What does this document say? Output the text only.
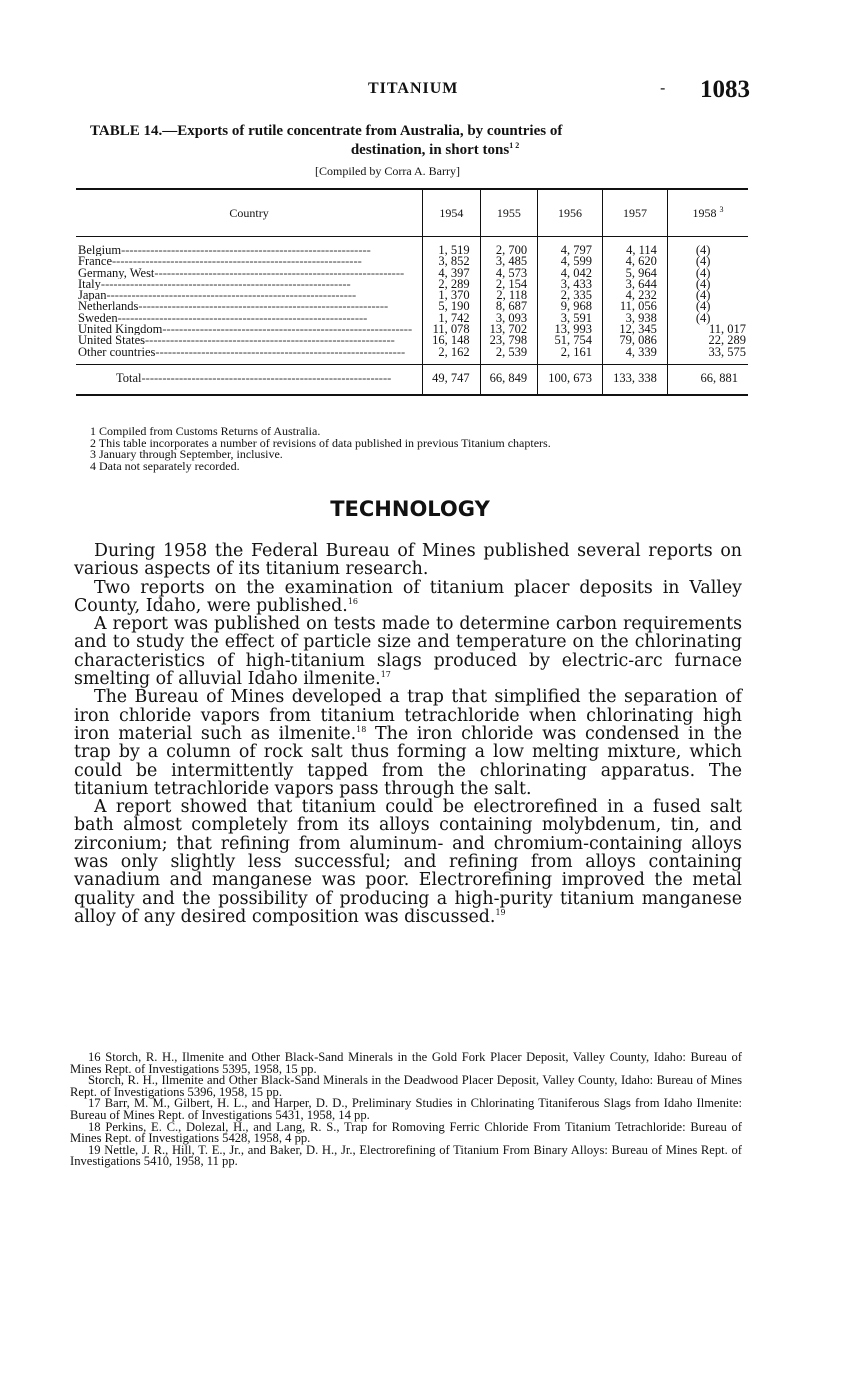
TITANIUM	- 1083
TABLE 14.—Exports of rutile concentrate from Australia, by countries of
destination, in short tons$^{1 2}$
[Compiled by Corra A. Barry]
Country	1954	1955	1956	1957	1958 $^3$
Belgium------------------------------------------------------------	1, 519	2, 700	4, 797	4, 114	(4)
France------------------------------------------------------------	3, 852	3, 485	4, 599	4, 620	(4)
Germany, West------------------------------------------------------------	4, 397	4, 573	4, 042	5, 964	(4)
Italy------------------------------------------------------------	2, 289	2, 154	3, 433	3, 644	(4)
Japan------------------------------------------------------------	1, 370	2, 118	2, 335	4, 232	(4)
Netherlands------------------------------------------------------------	5, 190	8, 687	9, 968	11, 056	(4)
Sweden------------------------------------------------------------	1, 742	3, 093	3, 591	3, 938	(4)
United Kingdom------------------------------------------------------------	11, 078	13, 702	13, 993	12, 345	11, 017

United States------------------------------------------------------------	16, 148	23, 798	51, 754	79, 086	22, 289

Other countries------------------------------------------------------------	2, 162	2, 539	2, 161	4, 339	33, 575

Total------------------------------------------------------------	49, 747	66, 849	100, 673	133, 338	66, 881

1 Compiled from Customs Returns of Australia.

2 This table incorporates a number of revisions of data published in previous Titanium chapters.

3 January through September, inclusive.

4 Data not separately recorded.

TECHNOLOGY

During 1958 the Federal Bureau of Mines published several reports on various aspects of its titanium research.

Two reports on the examination of titanium placer deposits in Valley County, Idaho, were published.$^{16}$

A report was published on tests made to determine carbon requirements and to study the effect of particle size and temperature on the chlorinating characteristics of high-titanium slags produced by electric-arc furnace smelting of alluvial Idaho ilmenite.$^{17}$

The Bureau of Mines developed a trap that simplified the separation of iron chloride vapors from titanium tetrachloride when chlorinating high iron material such as ilmenite.$^{18}$ The iron chloride was condensed in the trap by a column of rock salt thus forming a low melting mixture, which could be intermittently tapped from the chlorinating apparatus. The titanium tetrachloride vapors pass through the salt.

A report showed that titanium could be electrorefined in a fused salt bath almost completely from its alloys containing molybdenum, tin, and zirconium; that refining from aluminum- and chromium-containing alloys was only slightly less successful; and refining from alloys containing vanadium and manganese was poor. Electrorefining improved the metal quality and the possibility of producing a high-purity titanium manganese alloy of any desired composition was discussed.$^{19}$

16 Storch, R. H., Ilmenite and Other Black-Sand Minerals in the Gold Fork Placer Deposit, Valley County, Idaho: Bureau of Mines Rept. of Investigations 5395, 1958, 15 pp.

Storch, R. H., Ilmenite and Other Black-Sand Minerals in the Deadwood Placer Deposit, Valley County, Idaho: Bureau of Mines Rept. of Investigations 5396, 1958, 15 pp.

17 Barr, M. M., Gilbert, H. L., and Harper, D. D., Preliminary Studies in Chlorinating Titaniferous Slags from Idaho Ilmenite: Bureau of Mines Rept. of Investigations 5431, 1958, 14 pp.

18 Perkins, E. C., Dolezal, H., and Lang, R. S., Trap for Romoving Ferric Chloride From Titanium Tetrachloride: Bureau of Mines Rept. of Investigations 5428, 1958, 4 pp.

19 Nettle, J. R., Hill, T. E., Jr., and Baker, D. H., Jr., Electrorefining of Titanium From Binary Alloys: Bureau of Mines Rept. of Investigations 5410, 1958, 11 pp.
